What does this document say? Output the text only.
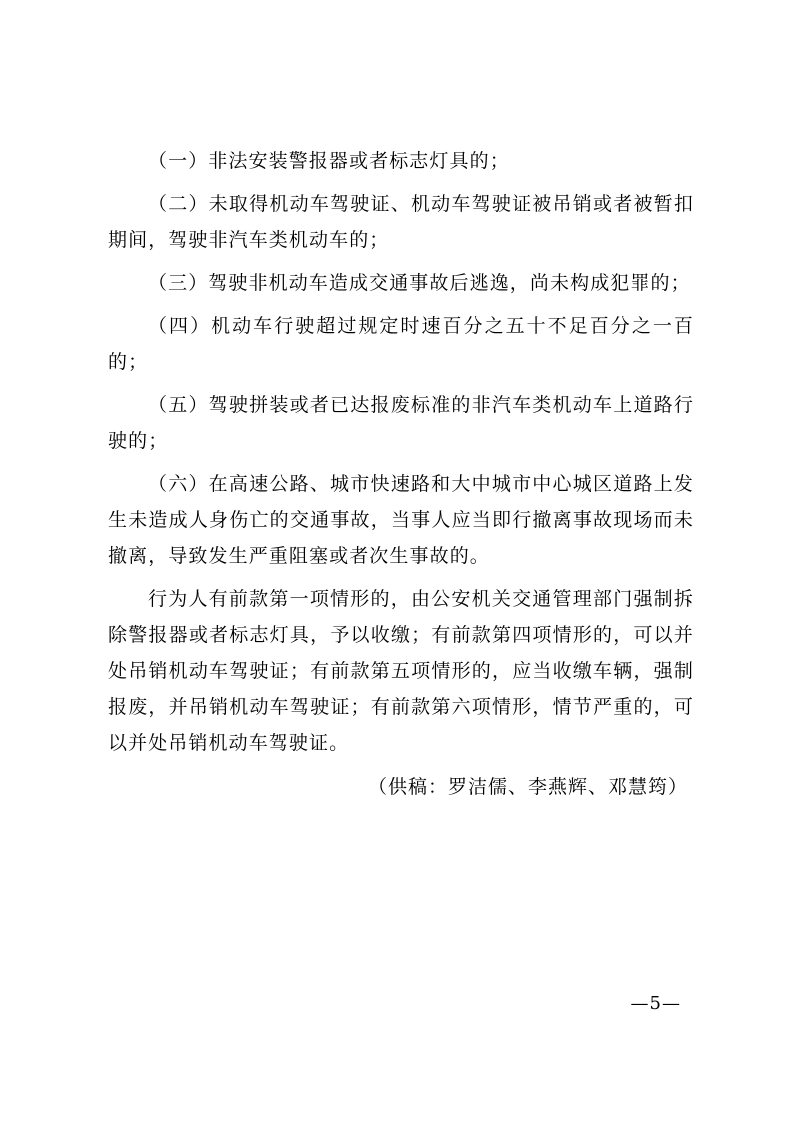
（一）非法安装警报器或者标志灯具的；

（二）未取得机动车驾驶证、机动车驾驶证被吊销或者被暂扣期间，驾驶非汽车类机动车的；

（三）驾驶非机动车造成交通事故后逃逸，尚未构成犯罪的；

（四）机动车行驶超过规定时速百分之五十不足百分之一百的；

（五）驾驶拼装或者已达报废标准的非汽车类机动车上道路行驶的；

（六）在高速公路、城市快速路和大中城市中心城区道路上发生未造成人身伤亡的交通事故，当事人应当即行撤离事故现场而未撤离，导致发生严重阻塞或者次生事故的。

行为人有前款第一项情形的，由公安机关交通管理部门强制拆除警报器或者标志灯具，予以收缴；有前款第四项情形的，可以并处吊销机动车驾驶证；有前款第五项情形的，应当收缴车辆，强制报废，并吊销机动车驾驶证；有前款第六项情形，情节严重的，可以并处吊销机动车驾驶证。

（供稿：罗洁儒、李燕辉、邓慧筠）

—5—
